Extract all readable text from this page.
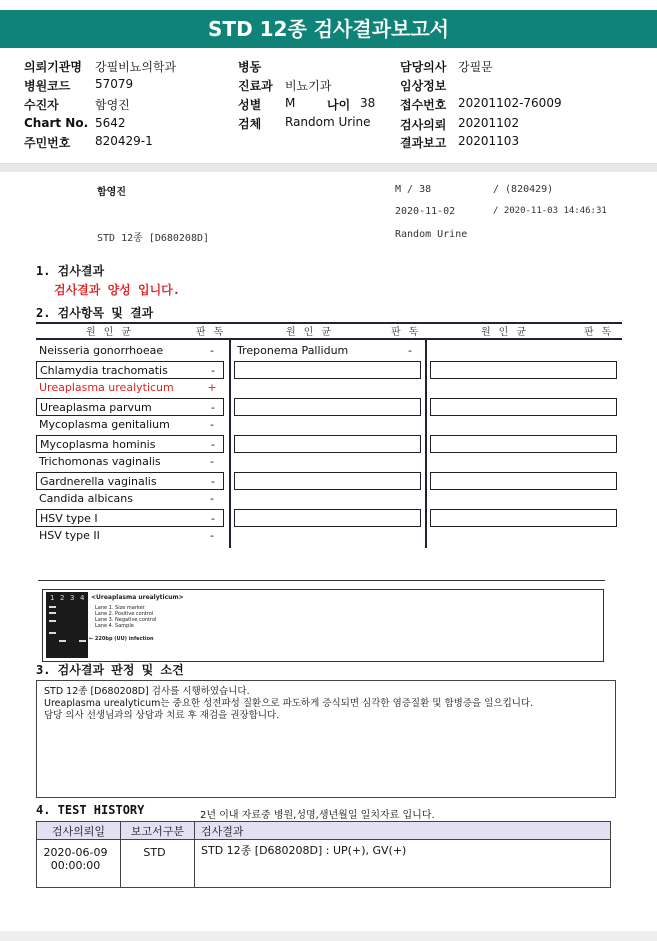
STD 12종 검사결과보고서
의뢰기관명 강필비뇨의학과
병원코드 57079
수진자	함영진
Chart No. 5642
주민번호 820429-1
병동
진료과 비뇨기과
성별 M	나이 38
검체 Random Urine
담당의사 강필문
임상정보
접수번호 20201102-76009
검사의뢰 20201102
결과보고 20201103
함영진	M / 38	/ (820429)
2020-11-02	/ 2020-11-03 14:46:31
STD 12종 [D680208D]	Random Urine
1. 검사결과
검사결과 양성 입니다.
2. 검사항목 및 결과
원인균	판독	원인균	판독	원인균	판독
Neisseria gonorrhoeae	-
Chlamydia trachomatis	-
Ureaplasma urealyticum	+
Ureaplasma parvum	-
Mycoplasma genitalium	-
Mycoplasma hominis	-
Trichomonas vaginalis	-
Gardnerella vaginalis	-
Candida albicans	-
HSV type I	-
HSV type II	-
Treponema Pallidum	-
1 2 3 4 <Ureaplasma urealyticum>
Lane 1. Size marker
Lane 2. Positive control
Lane 3. Negative control
Lane 4. Sample
← 220bp (UU) infection
3. 검사결과 판정 및 소견
STD 12종 [D680208D] 검사를 시행하였습니다.
Ureaplasma urealyticum는 중요한 성전파성 질환으로 파도하게 증식되면 심각한 염증질환 및 합병증을 일으킵니다.
담당 의사 선생님과의 상담과 치료 후 재검을 권장합니다.
4. TEST HISTORY	2년 이내 자료중 병원,성명,생년월일 일치자료 입니다.
검사의뢰일	보고서구분	검사결과

2020-06-09
00:00:00	STD	STD 12종 [D680208D] : UP(+), GV(+)
